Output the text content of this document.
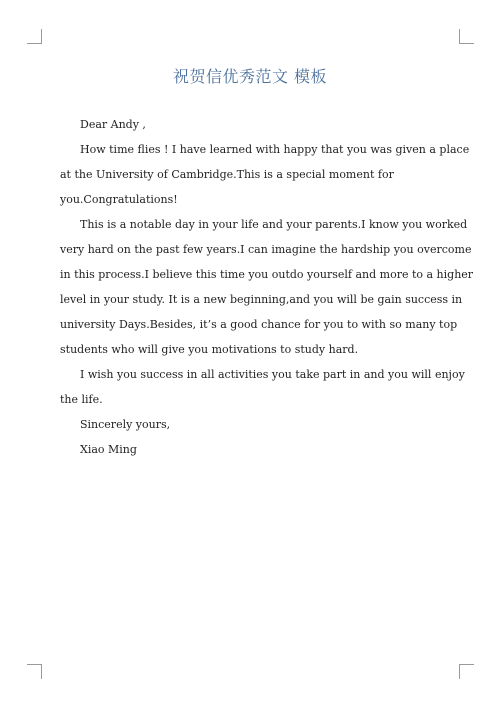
祝贺信优秀范文 模板

Dear Andy ,

How time flies ! I have learned with happy that you was given a place

at the University of Cambridge.This is a special moment for

you.Congratulations!

This is a notable day in your life and your parents.I know you worked

very hard on the past few years.I can imagine the hardship you overcome

in this process.I believe this time you outdo yourself and more to a higher

level in your study. It is a new beginning,and you will be gain success in

university Days.Besides, it’s a good chance for you to with so many top

students who will give you motivations to study hard.

I wish you success in all activities you take part in and you will enjoy

the life.

Sincerely yours,

Xiao Ming
